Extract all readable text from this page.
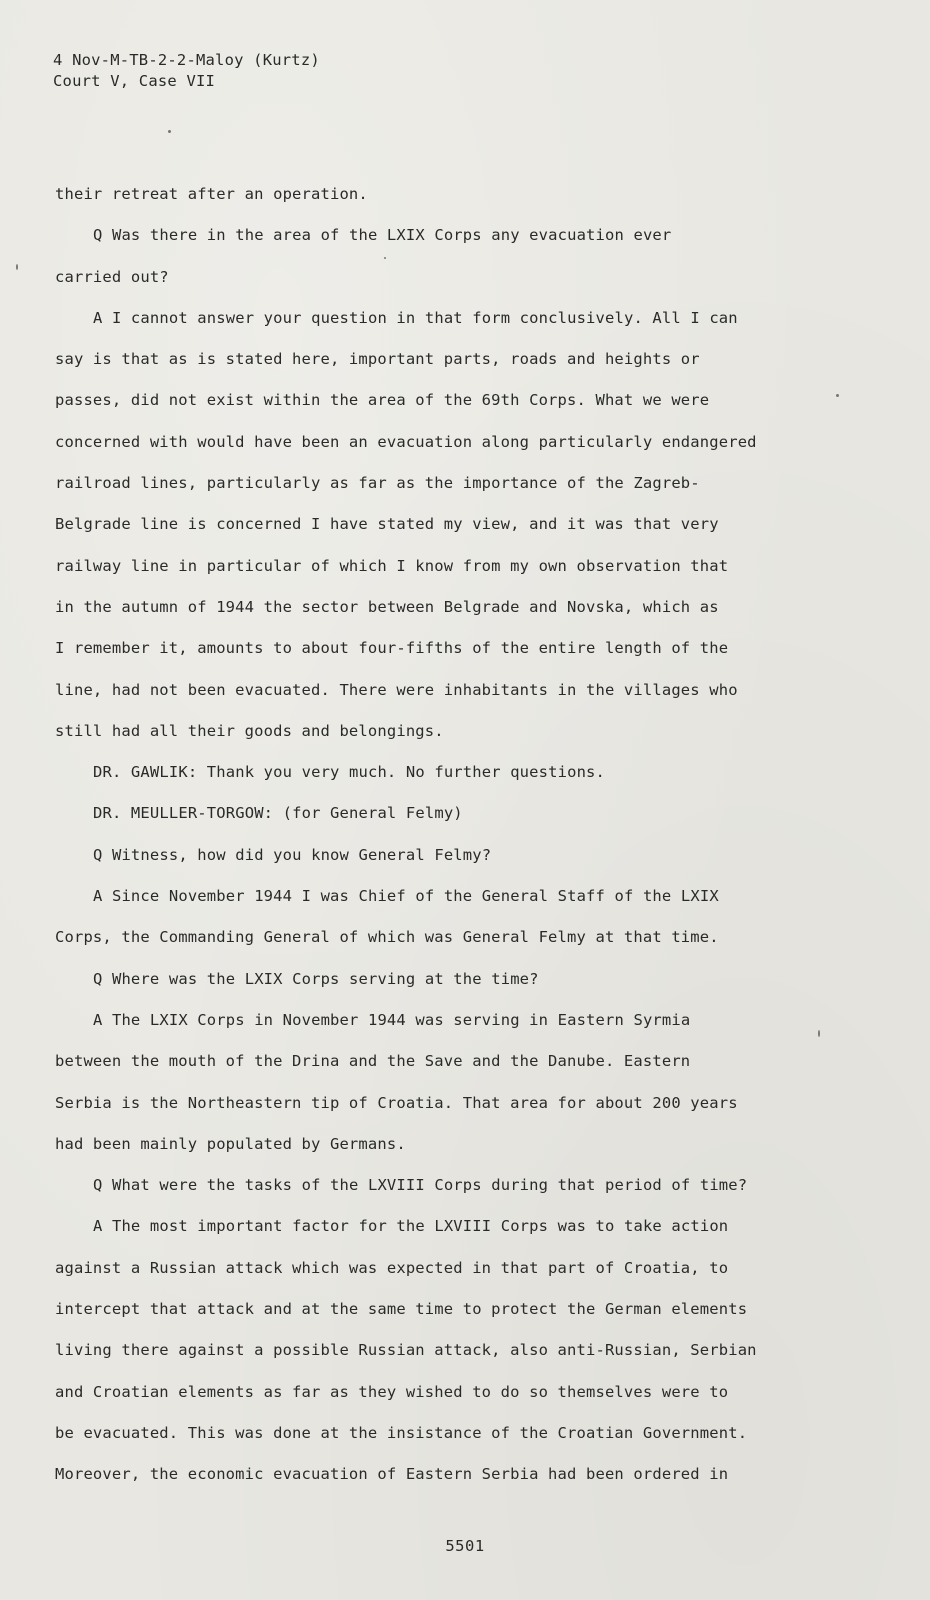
4 Nov-M-TB-2-2-Maloy (Kurtz)
Court V, Case VII
their retreat after an operation.
Q Was there in the area of the LXIX Corps any evacuation ever
carried out?
A I cannot answer your question in that form conclusively. All I can
say is that as is stated here, important parts, roads and heights or
passes, did not exist within the area of the 69th Corps. What we were
concerned with would have been an evacuation along particularly endangered
railroad lines, particularly as far as the importance of the Zagreb-
Belgrade line is concerned I have stated my view, and it was that very
railway line in particular of which I know from my own observation that
in the autumn of 1944 the sector between Belgrade and Novska, which as
I remember it, amounts to about four-fifths of the entire length of the
line, had not been evacuated. There were inhabitants in the villages who
still had all their goods and belongings.
DR. GAWLIK: Thank you very much. No further questions.
DR. MEULLER-TORGOW: (for General Felmy)
Q Witness, how did you know General Felmy?
A Since November 1944 I was Chief of the General Staff of the LXIX
Corps, the Commanding General of which was General Felmy at that time.
Q Where was the LXIX Corps serving at the time?
A The LXIX Corps in November 1944 was serving in Eastern Syrmia
between the mouth of the Drina and the Save and the Danube. Eastern
Serbia is the Northeastern tip of Croatia. That area for about 200 years
had been mainly populated by Germans.
Q What were the tasks of the LXVIII Corps during that period of time?
A The most important factor for the LXVIII Corps was to take action
against a Russian attack which was expected in that part of Croatia, to
intercept that attack and at the same time to protect the German elements
living there against a possible Russian attack, also anti-Russian, Serbian
and Croatian elements as far as they wished to do so themselves were to
be evacuated. This was done at the insistance of the Croatian Government.
Moreover, the economic evacuation of Eastern Serbia had been ordered in
5501
